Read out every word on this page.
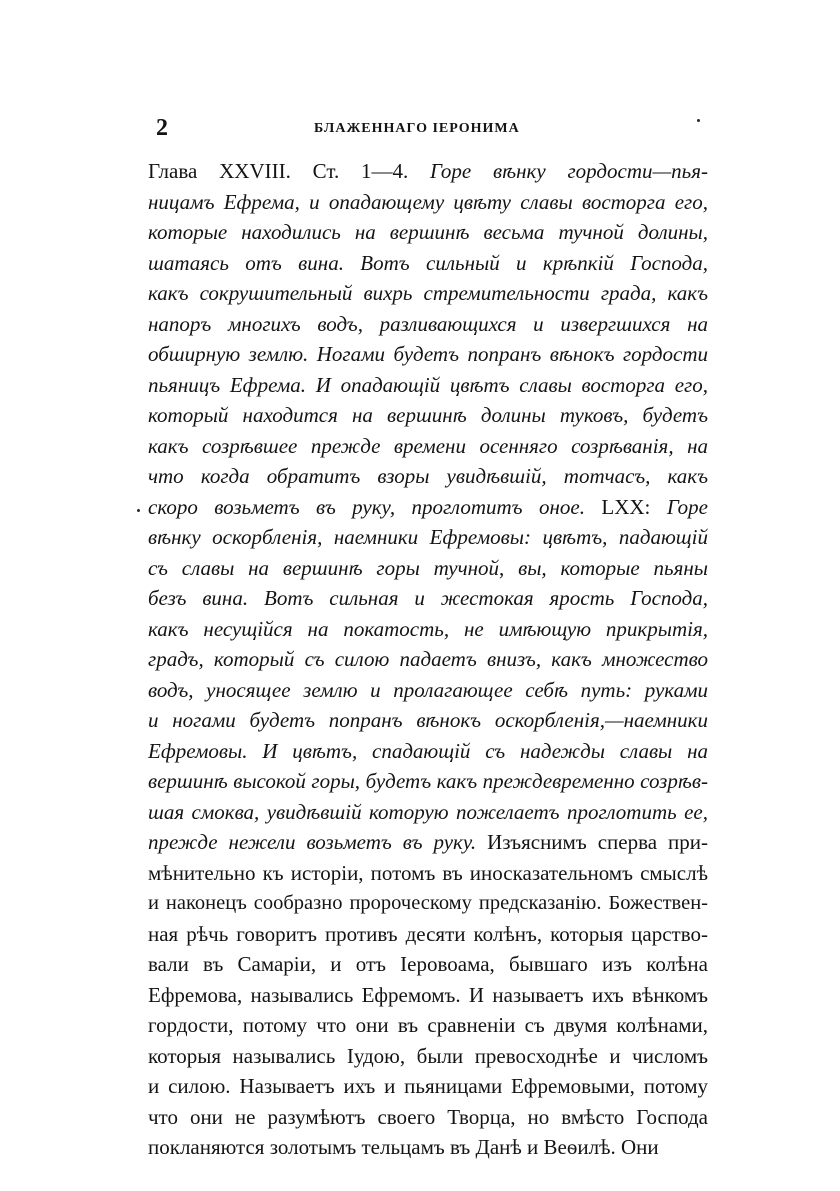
2	БЛАЖЕННАГО ІЕРОНИМА
Глава XXVIII. Ст. 1—4. Горе вѣнку гордости—пья-
ницамъ Ефрема, и опадающему цвѣту славы восторга его,
которые находились на вершинѣ весьма тучной долины,
шатаясь отъ вина. Вотъ сильный и крѣпкій Господа,
какъ сокрушительный вихрь стремительности града, какъ
напоръ многихъ водъ, разливающихся и извергшихся на
обширную землю. Ногами будетъ попранъ вѣнокъ гордости
пьяницъ Ефрема. И опадающій цвѣтъ славы восторга его,
который находится на вершинѣ долины туковъ, будетъ
какъ созрѣвшее прежде времени осенняго созрѣванія, на
что когда обратитъ взоры увидѣвшій, тотчасъ, какъ
скоро возьметъ въ руку, проглотитъ оное. LXX: Горе
вѣнку оскорбленія, наемники Ефремовы: цвѣтъ, падающій
съ славы на вершинѣ горы тучной, вы, которые пьяны
безъ вина. Вотъ сильная и жестокая ярость Господа,
какъ несущійся на покатость, не имѣющую прикрытія,
градъ, который съ силою падаетъ внизъ, какъ множество
водъ, уносящее землю и пролагающее себѣ путь: руками
и ногами будетъ попранъ вѣнокъ оскорбленія,—наемники
Ефремовы. И цвѣтъ, спадающій съ надежды славы на
вершинѣ высокой горы, будетъ какъ преждевременно созрѣв-
шая смоква, увидѣвшій которую пожелаетъ проглотить ее,
прежде нежели возьметъ въ руку. Изъяснимъ сперва при-
мѣнительно къ исторіи, потомъ въ иносказательномъ смыслѣ
и наконецъ сообразно пророческому предсказанію. Божествен-
ная рѣчь говоритъ противъ десяти колѣнъ, которыя царство-
вали въ Самаріи, и отъ Іеровоама, бывшаго изъ колѣна
Ефремова, назывались Ефремомъ. И называетъ ихъ вѣнкомъ
гордости, потому что они въ сравненіи съ двумя колѣнами,
которыя назывались Іудою, были превосходнѣе и числомъ
и силою. Называетъ ихъ и пьяницами Ефремовыми, потому
что они не разумѣютъ своего Творца, но вмѣсто Господа
покланяются золотымъ тельцамъ въ Данѣ и Веѳилѣ. Они
